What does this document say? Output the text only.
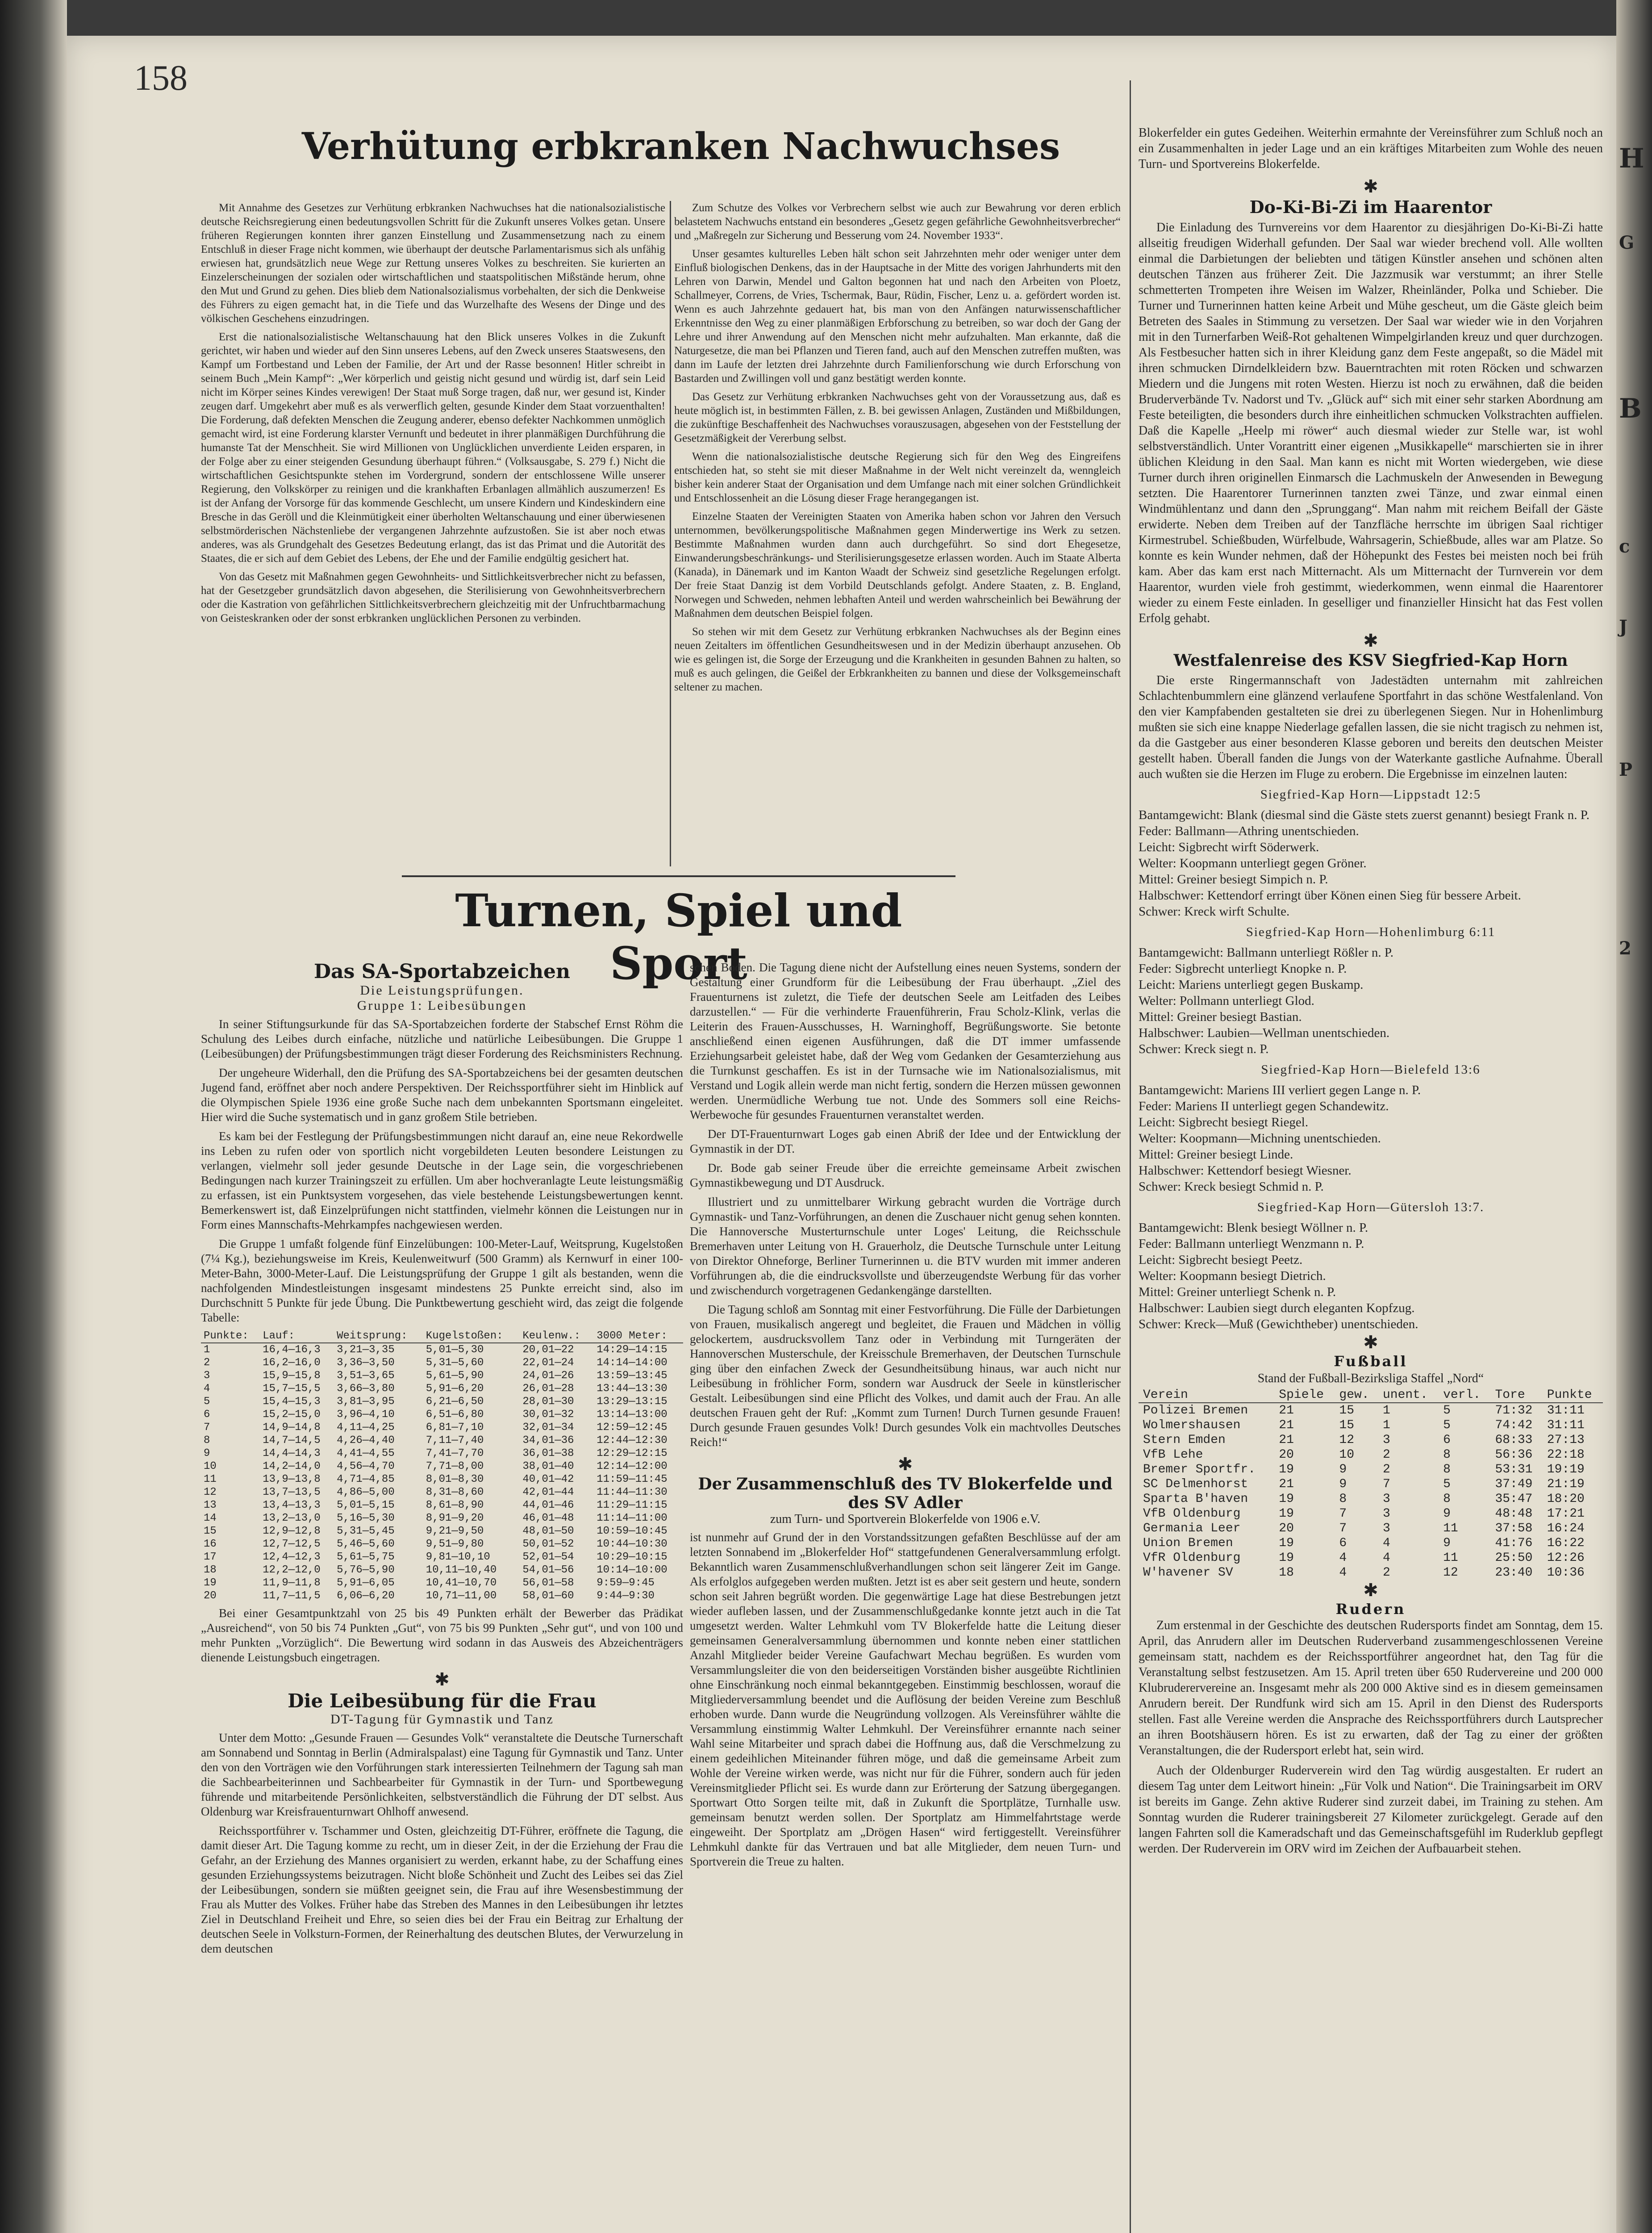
H
G
B
c
2
J
P
158
Verhütung erbkranken Nachwuchses

Mit Annahme des Gesetzes zur Verhütung erbkranken Nachwuchses hat die nationalsozialistische deutsche Reichsregierung einen bedeutungsvollen Schritt für die Zukunft unseres Volkes getan. Unsere früheren Regierungen konnten ihrer ganzen Einstellung und Zusammensetzung nach zu einem Entschluß in dieser Frage nicht kommen, wie überhaupt der deutsche Parlamentarismus sich als unfähig erwiesen hat, grundsätzlich neue Wege zur Rettung unseres Volkes zu beschreiten. Sie kurierten an Einzelerscheinungen der sozialen oder wirtschaftlichen und staatspolitischen Mißstände herum, ohne den Mut und Grund zu gehen. Dies blieb dem Nationalsozialismus vorbehalten, der sich die Denkweise des Führers zu eigen gemacht hat, in die Tiefe und das Wurzelhafte des Wesens der Dinge und des völkischen Geschehens einzudringen.

Erst die nationalsozialistische Weltanschauung hat den Blick unseres Volkes in die Zukunft gerichtet, wir haben und wieder auf den Sinn unseres Lebens, auf den Zweck unseres Staatswesens, den Kampf um Fortbestand und Leben der Familie, der Art und der Rasse besonnen! Hitler schreibt in seinem Buch „Mein Kampf“: „Wer körperlich und geistig nicht gesund und würdig ist, darf sein Leid nicht im Körper seines Kindes verewigen! Der Staat muß Sorge tragen, daß nur, wer gesund ist, Kinder zeugen darf. Umgekehrt aber muß es als verwerflich gelten, gesunde Kinder dem Staat vorzuenthalten! Die Forderung, daß defekten Menschen die Zeugung anderer, ebenso defekter Nachkommen unmöglich gemacht wird, ist eine Forderung klarster Vernunft und bedeutet in ihrer planmäßigen Durchführung die humanste Tat der Menschheit. Sie wird Millionen von Unglücklichen unverdiente Leiden ersparen, in der Folge aber zu einer steigenden Gesundung überhaupt führen.“ (Volksausgabe, S. 279 f.) Nicht die wirtschaftlichen Gesichtspunkte stehen im Vordergrund, sondern der entschlossene Wille unserer Regierung, den Volkskörper zu reinigen und die krankhaften Erbanlagen allmählich auszumerzen! Es ist der Anfang der Vorsorge für das kommende Geschlecht, um unsere Kindern und Kindeskindern eine Bresche in das Geröll und die Kleinmütigkeit einer überholten Weltanschauung und einer überwiesenen selbstmörderischen Nächstenliebe der vergangenen Jahrzehnte aufzustoßen. Sie ist aber noch etwas anderes, was als Grundgehalt des Gesetzes Bedeutung erlangt, das ist das Primat und die Autorität des Staates, die er sich auf dem Gebiet des Lebens, der Ehe und der Familie endgültig gesichert hat.

Von das Gesetz mit Maßnahmen gegen Gewohnheits- und Sittlichkeitsverbrecher nicht zu befassen, hat der Gesetzgeber grundsätzlich davon abgesehen, die Sterilisierung von Gewohnheitsverbrechern oder die Kastration von gefährlichen Sittlichkeitsverbrechern gleichzeitig mit der Unfruchtbarmachung von Geisteskranken oder der sonst erbkranken unglücklichen Personen zu verbinden.

Zum Schutze des Volkes vor Verbrechern selbst wie auch zur Bewahrung vor deren erblich belastetem Nachwuchs entstand ein besonderes „Gesetz gegen gefährliche Gewohnheitsverbrecher“ und „Maßregeln zur Sicherung und Besserung vom 24. November 1933“.

Unser gesamtes kulturelles Leben hält schon seit Jahrzehnten mehr oder weniger unter dem Einfluß biologischen Denkens, das in der Hauptsache in der Mitte des vorigen Jahrhunderts mit den Lehren von Darwin, Mendel und Galton begonnen hat und nach den Arbeiten von Ploetz, Schallmeyer, Correns, de Vries, Tschermak, Baur, Rüdin, Fischer, Lenz u. a. gefördert worden ist. Wenn es auch Jahrzehnte gedauert hat, bis man von den Anfängen naturwissenschaftlicher Erkenntnisse den Weg zu einer planmäßigen Erbforschung zu betreiben, so war doch der Gang der Lehre und ihrer Anwendung auf den Menschen nicht mehr aufzuhalten. Man erkannte, daß die Naturgesetze, die man bei Pflanzen und Tieren fand, auch auf den Menschen zutreffen mußten, was dann im Laufe der letzten drei Jahrzehnte durch Familienforschung wie durch Erforschung von Bastarden und Zwillingen voll und ganz bestätigt werden konnte.

Das Gesetz zur Verhütung erbkranken Nachwuchses geht von der Voraussetzung aus, daß es heute möglich ist, in bestimmten Fällen, z. B. bei gewissen Anlagen, Zuständen und Mißbildungen, die zukünftige Beschaffenheit des Nachwuchses vorauszusagen, abgesehen von der Feststellung der Gesetzmäßigkeit der Vererbung selbst.

Wenn die nationalsozialistische deutsche Regierung sich für den Weg des Eingreifens entschieden hat, so steht sie mit dieser Maßnahme in der Welt nicht vereinzelt da, wenngleich bisher kein anderer Staat der Organisation und dem Umfange nach mit einer solchen Gründlichkeit und Entschlossenheit an die Lösung dieser Frage herangegangen ist.

Einzelne Staaten der Vereinigten Staaten von Amerika haben schon vor Jahren den Versuch unternommen, bevölkerungspolitische Maßnahmen gegen Minderwertige ins Werk zu setzen. Bestimmte Maßnahmen wurden dann auch durchgeführt. So sind dort Ehegesetze, Einwanderungsbeschränkungs- und Sterilisierungsgesetze erlassen worden. Auch im Staate Alberta (Kanada), in Dänemark und im Kanton Waadt der Schweiz sind gesetzliche Regelungen erfolgt. Der freie Staat Danzig ist dem Vorbild Deutschlands gefolgt. Andere Staaten, z. B. England, Norwegen und Schweden, nehmen lebhaften Anteil und werden wahrscheinlich bei Bewährung der Maßnahmen dem deutschen Beispiel folgen.

So stehen wir mit dem Gesetz zur Verhütung erbkranken Nachwuchses als der Beginn eines neuen Zeitalters im öffentlichen Gesundheitswesen und in der Medizin überhaupt anzusehen. Ob wie es gelingen ist, die Sorge der Erzeugung und die Krankheiten in gesunden Bahnen zu halten, so muß es auch gelingen, die Geißel der Erbkrankheiten zu bannen und diese der Volksgemeinschaft seltener zu machen.

Turnen, Spiel und Sport
Das SA-Sportabzeichen
Die Leistungsprüfungen.
Gruppe 1: Leibesübungen

In seiner Stiftungsurkunde für das SA-Sportabzeichen forderte der Stabschef Ernst Röhm die Schulung des Leibes durch einfache, nützliche und natürliche Leibesübungen. Die Gruppe 1 (Leibesübungen) der Prüfungsbestimmungen trägt dieser Forderung des Reichsministers Rechnung.

Der ungeheure Widerhall, den die Prüfung des SA-Sportabzeichens bei der gesamten deutschen Jugend fand, eröffnet aber noch andere Perspektiven. Der Reichssportführer sieht im Hinblick auf die Olympischen Spiele 1936 eine große Suche nach dem unbekannten Sportsmann eingeleitet. Hier wird die Suche systematisch und in ganz großem Stile betrieben.

Es kam bei der Festlegung der Prüfungsbestimmungen nicht darauf an, eine neue Rekordwelle ins Leben zu rufen oder von sportlich nicht vorgebildeten Leuten besondere Leistungen zu verlangen, vielmehr soll jeder gesunde Deutsche in der Lage sein, die vorgeschriebenen Bedingungen nach kurzer Trainingszeit zu erfüllen. Um aber hochveranlagte Leute leistungsmäßig zu erfassen, ist ein Punktsystem vorgesehen, das viele bestehende Leistungsbewertungen kennt. Bemerkenswert ist, daß Einzelprüfungen nicht stattfinden, vielmehr können die Leistungen nur in Form eines Mannschafts-Mehrkampfes nachgewiesen werden.

Die Gruppe 1 umfaßt folgende fünf Einzelübungen: 100-Meter-Lauf, Weitsprung, Kugelstoßen (7¼ Kg.), beziehungsweise im Kreis, Keulenweitwurf (500 Gramm) als Kernwurf in einer 100-Meter-Bahn, 3000-Meter-Lauf. Die Leistungsprüfung der Gruppe 1 gilt als bestanden, wenn die nachfolgenden Mindestleistungen insgesamt mindestens 25 Punkte erreicht sind, also im Durchschnitt 5 Punkte für jede Übung. Die Punktbewertung geschieht wird, das zeigt die folgende Tabelle:

Punkte:	Lauf:	Weitsprung:	Kugelstoßen:	Keulenw.:	3000 Meter:
1	16,4—16,3	3,21—3,35	5,01—5,30	20,01—22	14:29—14:15
2	16,2—16,0	3,36—3,50	5,31—5,60	22,01—24	14:14—14:00
3	15,9—15,8	3,51—3,65	5,61—5,90	24,01—26	13:59—13:45
4	15,7—15,5	3,66—3,80	5,91—6,20	26,01—28	13:44—13:30
5	15,4—15,3	3,81—3,95	6,21—6,50	28,01—30	13:29—13:15
6	15,2—15,0	3,96—4,10	6,51—6,80	30,01—32	13:14—13:00
7	14,9—14,8	4,11—4,25	6,81—7,10	32,01—34	12:59—12:45
8	14,7—14,5	4,26—4,40	7,11—7,40	34,01—36	12:44—12:30
9	14,4—14,3	4,41—4,55	7,41—7,70	36,01—38	12:29—12:15
10	14,2—14,0	4,56—4,70	7,71—8,00	38,01—40	12:14—12:00
11	13,9—13,8	4,71—4,85	8,01—8,30	40,01—42	11:59—11:45
12	13,7—13,5	4,86—5,00	8,31—8,60	42,01—44	11:44—11:30
13	13,4—13,3	5,01—5,15	8,61—8,90	44,01—46	11:29—11:15
14	13,2—13,0	5,16—5,30	8,91—9,20	46,01—48	11:14—11:00
15	12,9—12,8	5,31—5,45	9,21—9,50	48,01—50	10:59—10:45
16	12,7—12,5	5,46—5,60	9,51—9,80	50,01—52	10:44—10:30
17	12,4—12,3	5,61—5,75	9,81—10,10	52,01—54	10:29—10:15
18	12,2—12,0	5,76—5,90	10,11—10,40	54,01—56	10:14—10:00
19	11,9—11,8	5,91—6,05	10,41—10,70	56,01—58	9:59—9:45
20	11,7—11,5	6,06—6,20	10,71—11,00	58,01—60	9:44—9:30

Bei einer Gesamtpunktzahl von 25 bis 49 Punkten erhält der Bewerber das Prädikat „Ausreichend“, von 50 bis 74 Punkten „Gut“, von 75 bis 99 Punkten „Sehr gut“, und von 100 und mehr Punkten „Vorzüglich“. Die Bewertung wird sodann in das Ausweis des Abzeichenträgers dienende Leistungsbuch eingetragen.

✱
Die Leibesübung für die Frau
DT-Tagung für Gymnastik und Tanz

Unter dem Motto: „Gesunde Frauen — Gesundes Volk“ veranstaltete die Deutsche Turnerschaft am Sonnabend und Sonntag in Berlin (Admiralspalast) eine Tagung für Gymnastik und Tanz. Unter den von den Vorträgen wie den Vorführungen stark interessierten Teilnehmern der Tagung sah man die Sachbearbeiterinnen und Sachbearbeiter für Gymnastik in der Turn- und Sportbewegung führende und mitarbeitende Persönlichkeiten, selbstverständlich die Führung der DT selbst. Aus Oldenburg war Kreisfrauenturnwart Ohlhoff anwesend.

Reichssportführer v. Tschammer und Osten, gleichzeitig DT-Führer, eröffnete die Tagung, die damit dieser Art. Die Tagung komme zu recht, um in dieser Zeit, in der die Erziehung der Frau die Gefahr, an der Erziehung des Mannes organisiert zu werden, erkannt habe, zu der Schaffung eines gesunden Erziehungssystems beizutragen. Nicht bloße Schönheit und Zucht des Leibes sei das Ziel der Leibesübungen, sondern sie müßten geeignet sein, die Frau auf ihre Wesensbestimmung der Frau als Mutter des Volkes. Früher habe das Streben des Mannes in den Leibesübungen ihr letztes Ziel in Deutschland Freiheit und Ehre, so seien dies bei der Frau ein Beitrag zur Erhaltung der deutschen Seele in Volksturn-Formen, der Reinerhaltung des deutschen Blutes, der Verwurzelung in dem deutschen

schen Boden. Die Tagung diene nicht der Aufstellung eines neuen Systems, sondern der Gestaltung einer Grundform für die Leibesübung der Frau überhaupt. „Ziel des Frauenturnens ist zuletzt, die Tiefe der deutschen Seele am Leitfaden des Leibes darzustellen.“ — Für die verhinderte Frauenführerin, Frau Scholz-Klink, verlas die Leiterin des Frauen-Ausschusses, H. Warninghoff, Begrüßungsworte. Sie betonte anschließend einen eigenen Ausführungen, daß die DT immer umfassende Erziehungsarbeit geleistet habe, daß der Weg vom Gedanken der Gesamterziehung aus die Turnkunst geschaffen. Es ist in der Turnsache wie im Nationalsozialismus, mit Verstand und Logik allein werde man nicht fertig, sondern die Herzen müssen gewonnen werden. Unermüdliche Werbung tue not. Unde des Sommers soll eine Reichs-Werbewoche für gesundes Frauenturnen veranstaltet werden.

Der DT-Frauenturnwart Loges gab einen Abriß der Idee und der Entwicklung der Gymnastik in der DT.

Dr. Bode gab seiner Freude über die erreichte gemeinsame Arbeit zwischen Gymnastikbewegung und DT Ausdruck.

Illustriert und zu unmittelbarer Wirkung gebracht wurden die Vorträge durch Gymnastik- und Tanz-Vorführungen, an denen die Zuschauer nicht genug sehen konnten. Die Hannoversche Musterturnschule unter Loges' Leitung, die Reichsschule Bremerhaven unter Leitung von H. Grauerholz, die Deutsche Turnschule unter Leitung von Direktor Ohneforge, Berliner Turnerinnen u. die BTV wurden mit immer anderen Vorführungen ab, die die eindrucksvollste und überzeugendste Werbung für das vorher und zwischendurch vorgetragenen Gedankengänge darstellten.

Die Tagung schloß am Sonntag mit einer Festvorführung. Die Fülle der Darbietungen von Frauen, musikalisch angeregt und begleitet, die Frauen und Mädchen in völlig gelockertem, ausdrucksvollem Tanz oder in Verbindung mit Turngeräten der Hannoverschen Musterschule, der Kreisschule Bremerhaven, der Deutschen Turnschule ging über den einfachen Zweck der Gesundheitsübung hinaus, war auch nicht nur Leibesübung in fröhlicher Form, sondern war Ausdruck der Seele in künstlerischer Gestalt. Leibesübungen sind eine Pflicht des Volkes, und damit auch der Frau. An alle deutschen Frauen geht der Ruf: „Kommt zum Turnen! Durch Turnen gesunde Frauen! Durch gesunde Frauen gesundes Volk! Durch gesundes Volk ein machtvolles Deutsches Reich!“

✱
Der Zusammenschluß des TV Blokerfelde und des SV Adler
zum Turn- und Sportverein Blokerfelde von 1906 e.V.

ist nunmehr auf Grund der in den Vorstandssitzungen gefaßten Beschlüsse auf der am letzten Sonnabend im „Blokerfelder Hof“ stattgefundenen Generalversammlung erfolgt. Bekanntlich waren Zusammenschlußverhandlungen schon seit längerer Zeit im Gange. Als erfolglos aufgegeben werden mußten. Jetzt ist es aber seit gestern und heute, sondern schon seit Jahren begrüßt worden. Die gegenwärtige Lage hat diese Bestrebungen jetzt wieder aufleben lassen, und der Zusammenschlußgedanke konnte jetzt auch in die Tat umgesetzt werden. Walter Lehmkuhl vom TV Blokerfelde hatte die Leitung dieser gemeinsamen Generalversammlung übernommen und konnte neben einer stattlichen Anzahl Mitglieder beider Vereine Gaufachwart Mechau begrüßen. Es wurden vom Versammlungsleiter die von den beiderseitigen Vorständen bisher ausgeübte Richtlinien ohne Einschränkung noch einmal bekanntgegeben. Einstimmig beschlossen, worauf die Mitgliederversammlung beendet und die Auflösung der beiden Vereine zum Beschluß erhoben wurde. Dann wurde die Neugründung vollzogen. Als Vereinsführer wählte die Versammlung einstimmig Walter Lehmkuhl. Der Vereinsführer ernannte nach seiner Wahl seine Mitarbeiter und sprach dabei die Hoffnung aus, daß die Verschmelzung zu einem gedeihlichen Miteinander führen möge, und daß die gemeinsame Arbeit zum Wohle der Vereine wirken werde, was nicht nur für die Führer, sondern auch für jeden Vereinsmitglieder Pflicht sei. Es wurde dann zur Erörterung der Satzung übergegangen. Sportwart Otto Sorgen teilte mit, daß in Zukunft die Sportplätze, Turnhalle usw. gemeinsam benutzt werden sollen. Der Sportplatz am Himmelfahrtstage werde eingeweiht. Der Sportplatz am „Drögen Hasen“ wird fertiggestellt. Vereinsführer Lehmkuhl dankte für das Vertrauen und bat alle Mitglieder, dem neuen Turn- und Sportverein die Treue zu halten.

Blokerfelder ein gutes Gedeihen. Weiterhin ermahnte der Vereinsführer zum Schluß noch an ein Zusammenhalten in jeder Lage und an ein kräftiges Mitarbeiten zum Wohle des neuen Turn- und Sportvereins Blokerfelde.

✱
Do-Ki-Bi-Zi im Haarentor

Die Einladung des Turnvereins vor dem Haarentor zu diesjährigen Do-Ki-Bi-Zi hatte allseitig freudigen Widerhall gefunden. Der Saal war wieder brechend voll. Alle wollten einmal die Darbietungen der beliebten und tätigen Künstler ansehen und schönen alten deutschen Tänzen aus früherer Zeit. Die Jazzmusik war verstummt; an ihrer Stelle schmetterten Trompeten ihre Weisen im Walzer, Rheinländer, Polka und Schieber. Die Turner und Turnerinnen hatten keine Arbeit und Mühe gescheut, um die Gäste gleich beim Betreten des Saales in Stimmung zu versetzen. Der Saal war wieder wie in den Vorjahren mit in den Turnerfarben Weiß-Rot gehaltenen Wimpelgirlanden kreuz und quer durchzogen. Als Festbesucher hatten sich in ihrer Kleidung ganz dem Feste angepaßt, so die Mädel mit ihren schmucken Dirndelkleidern bzw. Bauerntrachten mit roten Röcken und schwarzen Miedern und die Jungens mit roten Westen. Hierzu ist noch zu erwähnen, daß die beiden Bruderverbände Tv. Nadorst und Tv. „Glück auf“ sich mit einer sehr starken Abordnung am Feste beteiligten, die besonders durch ihre einheitlichen schmucken Volkstrachten auffielen. Daß die Kapelle „Heelp mi röwer“ auch diesmal wieder zur Stelle war, ist wohl selbstverständlich. Unter Vorantritt einer eigenen „Musikkapelle“ marschierten sie in ihrer üblichen Kleidung in den Saal. Man kann es nicht mit Worten wiedergeben, wie diese Turner durch ihren originellen Einmarsch die Lachmuskeln der Anwesenden in Bewegung setzten. Die Haarentorer Turnerinnen tanzten zwei Tänze, und zwar einmal einen Windmühlentanz und dann den „Sprunggang“. Man nahm mit reichem Beifall der Gäste erwiderte. Neben dem Treiben auf der Tanzfläche herrschte im übrigen Saal richtiger Kirmestrubel. Schießbuden, Würfelbude, Wahrsagerin, Schießbude, alles war am Platze. So konnte es kein Wunder nehmen, daß der Höhepunkt des Festes bei meisten noch bei früh kam. Aber das kam erst nach Mitternacht. Als um Mitternacht der Turnverein vor dem Haarentor, wurden viele froh gestimmt, wiederkommen, wenn einmal die Haarentorer wieder zu einem Feste einladen. In geselliger und finanzieller Hinsicht hat das Fest vollen Erfolg gehabt.

✱
Westfalenreise des KSV Siegfried-Kap Horn

Die erste Ringermannschaft von Jadestädten unternahm mit zahlreichen Schlachtenbummlern eine glänzend verlaufene Sportfahrt in das schöne Westfalenland. Von den vier Kampfabenden gestalteten sie drei zu überlegenen Siegen. Nur in Hohenlimburg mußten sie sich eine knappe Niederlage gefallen lassen, die sie nicht tragisch zu nehmen ist, da die Gastgeber aus einer besonderen Klasse geboren und bereits den deutschen Meister gestellt haben. Überall fanden die Jungs von der Waterkante gastliche Aufnahme. Überall auch wußten sie die Herzen im Fluge zu erobern. Die Ergebnisse im einzelnen lauten:

Siegfried-Kap Horn—Lippstadt 12:5
Bantamgewicht: Blank (diesmal sind die Gäste stets zuerst genannt) besiegt Frank n. P.
Feder: Ballmann—Athring unentschieden.
Leicht: Sigbrecht wirft Söderwerk.
Welter: Koopmann unterliegt gegen Gröner.
Mittel: Greiner besiegt Simpich n. P.
Halbschwer: Kettendorf erringt über Könen einen Sieg für bessere Arbeit.
Schwer: Kreck wirft Schulte.
Siegfried-Kap Horn—Hohenlimburg 6:11
Bantamgewicht: Ballmann unterliegt Rößler n. P.
Feder: Sigbrecht unterliegt Knopke n. P.
Leicht: Mariens unterliegt gegen Buskamp.
Welter: Pollmann unterliegt Glod.
Mittel: Greiner besiegt Bastian.
Halbschwer: Laubien—Wellman unentschieden.
Schwer: Kreck siegt n. P.
Siegfried-Kap Horn—Bielefeld 13:6
Bantamgewicht: Mariens III verliert gegen Lange n. P.
Feder: Mariens II unterliegt gegen Schandewitz.
Leicht: Sigbrecht besiegt Riegel.
Welter: Koopmann—Michning unentschieden.
Mittel: Greiner besiegt Linde.
Halbschwer: Kettendorf besiegt Wiesner.
Schwer: Kreck besiegt Schmid n. P.
Siegfried-Kap Horn—Gütersloh 13:7.
Bantamgewicht: Blenk besiegt Wöllner n. P.
Feder: Ballmann unterliegt Wenzmann n. P.
Leicht: Sigbrecht besiegt Peetz.
Welter: Koopmann besiegt Dietrich.
Mittel: Greiner unterliegt Schenk n. P.
Halbschwer: Laubien siegt durch eleganten Kopfzug.
Schwer: Kreck—Muß (Gewichtheber) unentschieden.
✱
Fußball
Stand der Fußball-Bezirksliga Staffel „Nord“
Verein	Spiele	gew.	unent.	verl.	Tore	Punkte
Polizei Bremen	21	15	1	5	71:32	31:11
Wolmershausen	21	15	1	5	74:42	31:11
Stern Emden	21	12	3	6	68:33	27:13
VfB Lehe	20	10	2	8	56:36	22:18
Bremer Sportfr.	19	9	2	8	53:31	19:19
SC Delmenhorst	21	9	7	5	37:49	21:19
Sparta B'haven	19	8	3	8	35:47	18:20
VfB Oldenburg	19	7	3	9	48:48	17:21
Germania Leer	20	7	3	11	37:58	16:24
Union Bremen	19	6	4	9	41:76	16:22
VfR Oldenburg	19	4	4	11	25:50	12:26
W'havener SV	18	4	2	12	23:40	10:36
✱
Rudern

Zum erstenmal in der Geschichte des deutschen Rudersports findet am Sonntag, dem 15. April, das Anrudern aller im Deutschen Ruderverband zusammengeschlossenen Vereine gemeinsam statt, nachdem es der Reichssportführer angeordnet hat, den Tag für die Veranstaltung selbst festzusetzen. Am 15. April treten über 650 Rudervereine und 200 000 Klubruderervereine an. Insgesamt mehr als 200 000 Aktive sind es in diesem gemeinsamen Anrudern bereit. Der Rundfunk wird sich am 15. April in den Dienst des Rudersports stellen. Fast alle Vereine werden die Ansprache des Reichssportführers durch Lautsprecher an ihren Bootshäusern hören. Es ist zu erwarten, daß der Tag zu einer der größten Veranstaltungen, die der Rudersport erlebt hat, sein wird.

Auch der Oldenburger Ruderverein wird den Tag würdig ausgestalten. Er rudert an diesem Tag unter dem Leitwort hinein: „Für Volk und Nation“. Die Trainingsarbeit im ORV ist bereits im Gange. Zehn aktive Ruderer sind zurzeit dabei, im Training zu stehen. Am Sonntag wurden die Ruderer trainingsbereit 27 Kilometer zurückgelegt. Gerade auf den langen Fahrten soll die Kameradschaft und das Gemeinschaftsgefühl im Ruderklub gepflegt werden. Der Ruderverein im ORV wird im Zeichen der Aufbauarbeit stehen.
